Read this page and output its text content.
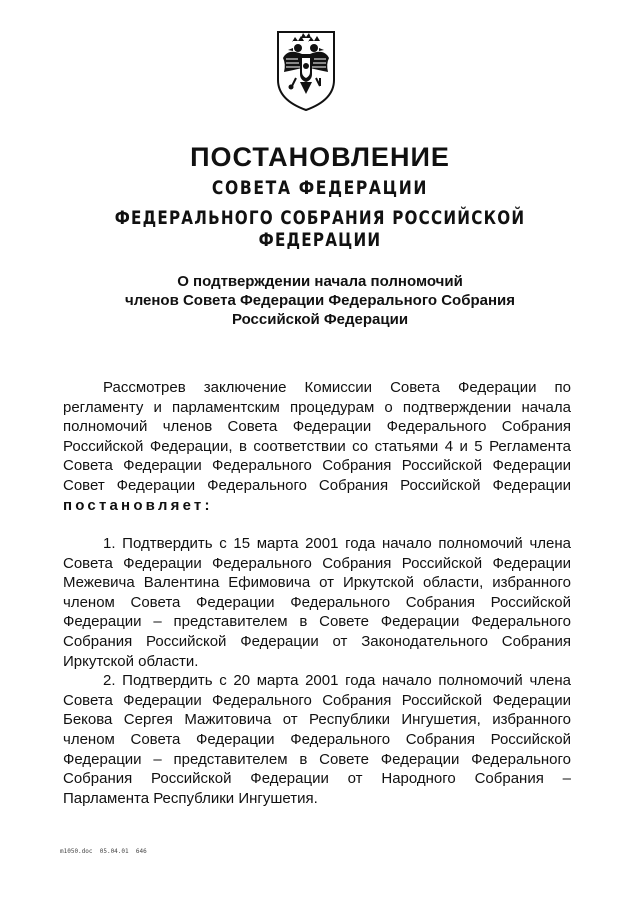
ПОСТАНОВЛЕНИЕ
СОВЕТА ФЕДЕРАЦИИ
ФЕДЕРАЛЬНОГО СОБРАНИЯ РОССИЙСКОЙ ФЕДЕРАЦИИ
О подтверждении начала полномочий
членов Совета Федерации Федерального Собрания
Российской Федерации

Рассмотрев заключение Комиссии Совета Федерации по регламенту и парламентским процедурам о подтверждении начала полномочий членов Совета Федерации Федерального Собрания Российской Федерации, в соответствии со статьями 4 и 5 Регламента Совета Федерации Федерального Собрания Российской Федерации Совет Федерации Федерального Собрания Российской Федерации постановляет:

1. Подтвердить с 15 марта 2001 года начало полномочий члена Совета Федерации Федерального Собрания Российской Федерации Межевича Валентина Ефимовича от Иркутской области, избранного членом Совета Федерации Федерального Собрания Российской Федерации – представителем в Совете Федерации Федерального Собрания Российской Федерации от Законодательного Собрания Иркутской области.

2. Подтвердить с 20 марта 2001 года начало полномочий члена Совета Федерации Федерального Собрания Российской Федерации Бекова Сергея Мажитовича от Республики Ингушетия, избранного членом Совета Федерации Федерального Собрания Российской Федерации – представителем в Совете Федерации Федерального Собрания Российской Федерации от Народного Собрания – Парламента Республики Ингушетия.

m1050.doc  05.04.01  646
